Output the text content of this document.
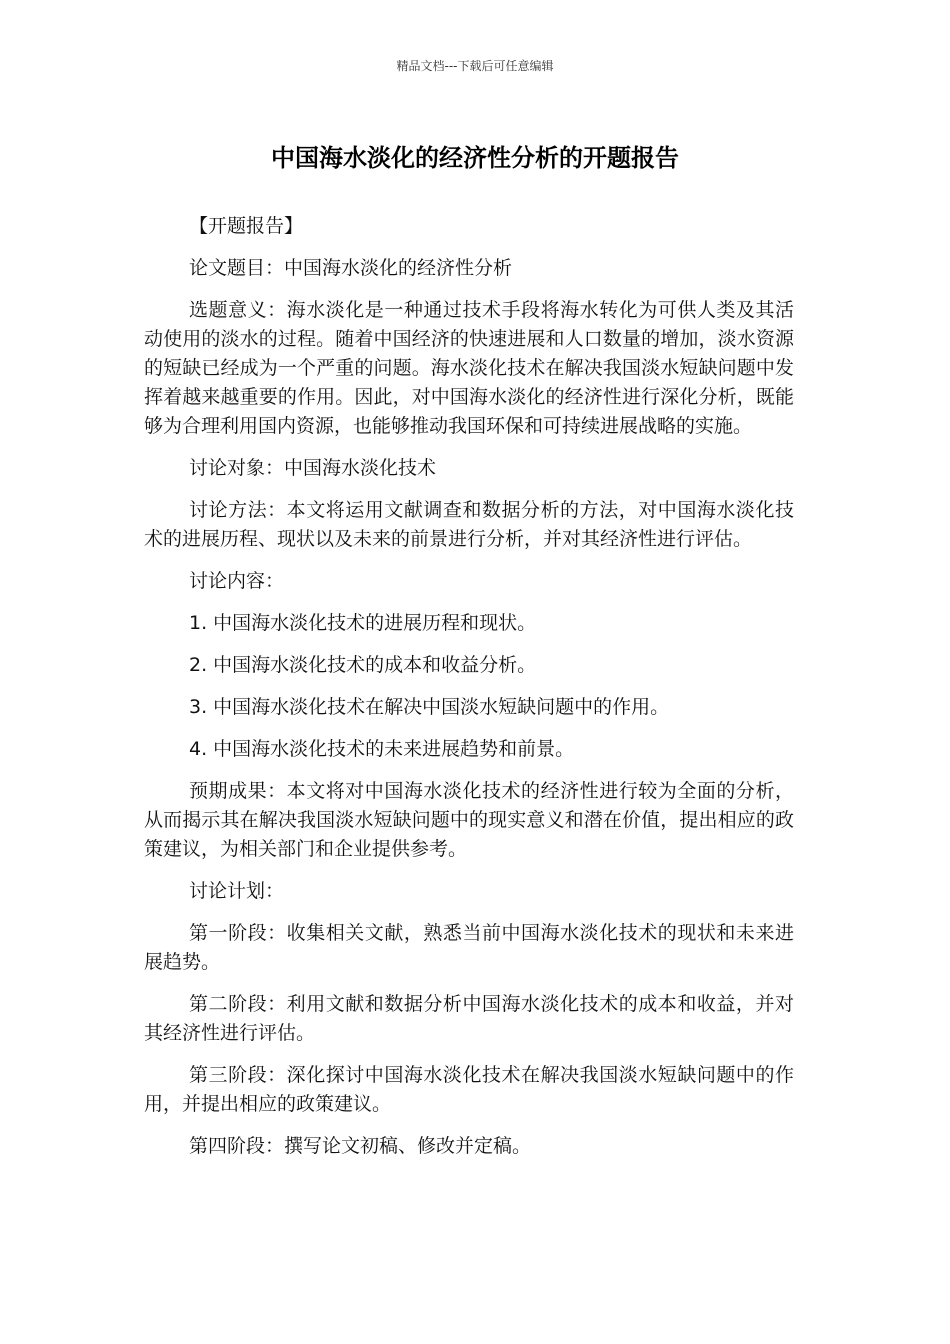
精品文档---下载后可任意编辑
中国海水淡化的经济性分析的开题报告

【开题报告】

论文题目：中国海水淡化的经济性分析

选题意义：海水淡化是一种通过技术手段将海水转化为可供人类及其活动使用的淡水的过程。随着中国经济的快速进展和人口数量的增加，淡水资源的短缺已经成为一个严重的问题。海水淡化技术在解决我国淡水短缺问题中发挥着越来越重要的作用。因此，对中国海水淡化的经济性进行深化分析，既能够为合理利用国内资源，也能够推动我国环保和可持续进展战略的实施。

讨论对象：中国海水淡化技术

讨论方法：本文将运用文献调查和数据分析的方法，对中国海水淡化技术的进展历程、现状以及未来的前景进行分析，并对其经济性进行评估。

讨论内容：

1. 中国海水淡化技术的进展历程和现状。

2. 中国海水淡化技术的成本和收益分析。

3. 中国海水淡化技术在解决中国淡水短缺问题中的作用。

4. 中国海水淡化技术的未来进展趋势和前景。

预期成果：本文将对中国海水淡化技术的经济性进行较为全面的分析，从而揭示其在解决我国淡水短缺问题中的现实意义和潜在价值，提出相应的政策建议，为相关部门和企业提供参考。

讨论计划：

第一阶段：收集相关文献，熟悉当前中国海水淡化技术的现状和未来进展趋势。

第二阶段：利用文献和数据分析中国海水淡化技术的成本和收益，并对其经济性进行评估。

第三阶段：深化探讨中国海水淡化技术在解决我国淡水短缺问题中的作用，并提出相应的政策建议。

第四阶段：撰写论文初稿、修改并定稿。
